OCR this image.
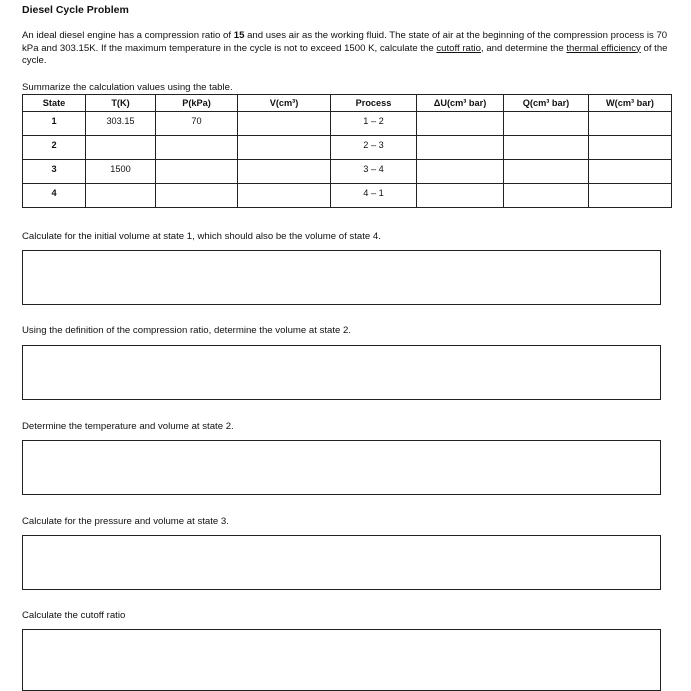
Diesel Cycle Problem
An ideal diesel engine has a compression ratio of 15 and uses air as the working fluid. The state of air at the beginning of the compression process is 70 kPa and 303.15K. If the maximum temperature in the cycle is not to exceed 1500 K, calculate the cutoff ratio, and determine the thermal efficiency of the cycle.
Summarize the calculation values using the table.
State	T(K)	P(kPa)	V(cm³)	Process	ΔU(cm³ bar)	Q(cm³ bar)	W(cm³ bar)
1	303.15	70		1 – 2			
2				2 – 3			
3	1500			3 – 4			
4				4 – 1			
Calculate for the initial volume at state 1, which should also be the volume of state 4.
Using the definition of the compression ratio, determine the volume at state 2.
Determine the temperature and volume at state 2.
Calculate for the pressure and volume at state 3.
Calculate the cutoff ratio
